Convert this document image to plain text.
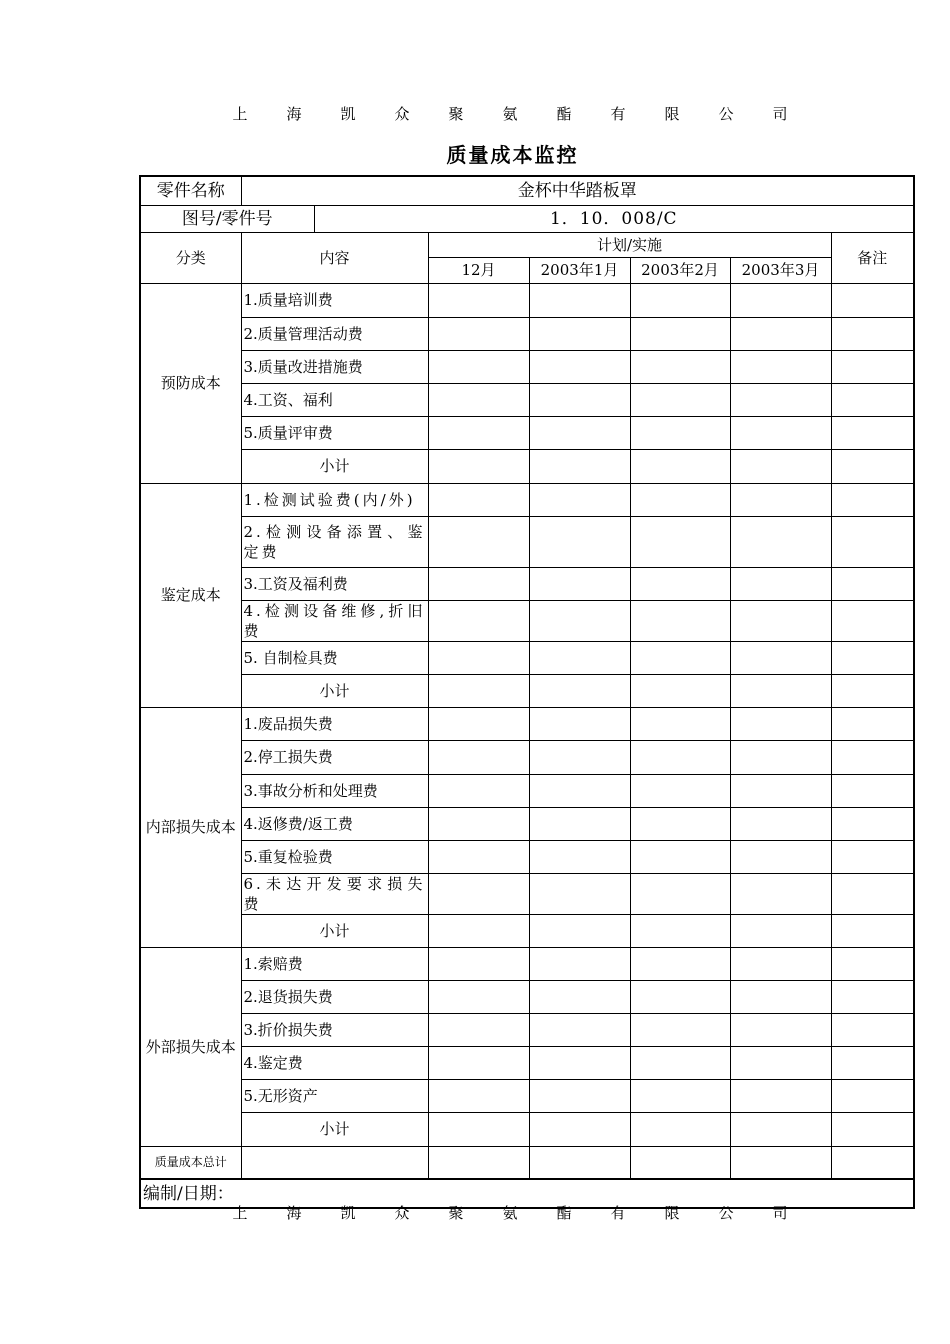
上	海	凯	众	聚	氨	酯	有	限	公	司
质量成本监控
零件名称	金杯中华踏板罩						
图号/零件号		1．10．008/C					
分类	内容		计划/实施				备注
			12月	2003年1月	2003年2月	2003年3月	
预防成本	1.质量培训费						
	2.质量管理活动费						
	3.质量改进措施费						
	4.工资、福利						
	5.质量评审费						
	小计						
鉴定成本	1.检测试验费(内/外)						
	2.检测设备添置、鉴定费						
	3.工资及福利费						
	4.检测设备维修,折旧费						
	5. 自制检具费						
	小计						
内部损失成本	1.废品损失费						
	2.停工损失费						
	3.事故分析和处理费						
	4.返修费/返工费						
	5.重复检验费						
	6.未达开发要求损失费						
	小计						
外部损失成本	1.索赔费						
	2.退货损失费						
	3.折价损失费						
	4.鉴定费						
	5.无形资产						
	小计						
质量成本总计							
编制/日期：							
上	海	凯	众	聚	氨	酯	有	限	公	司
